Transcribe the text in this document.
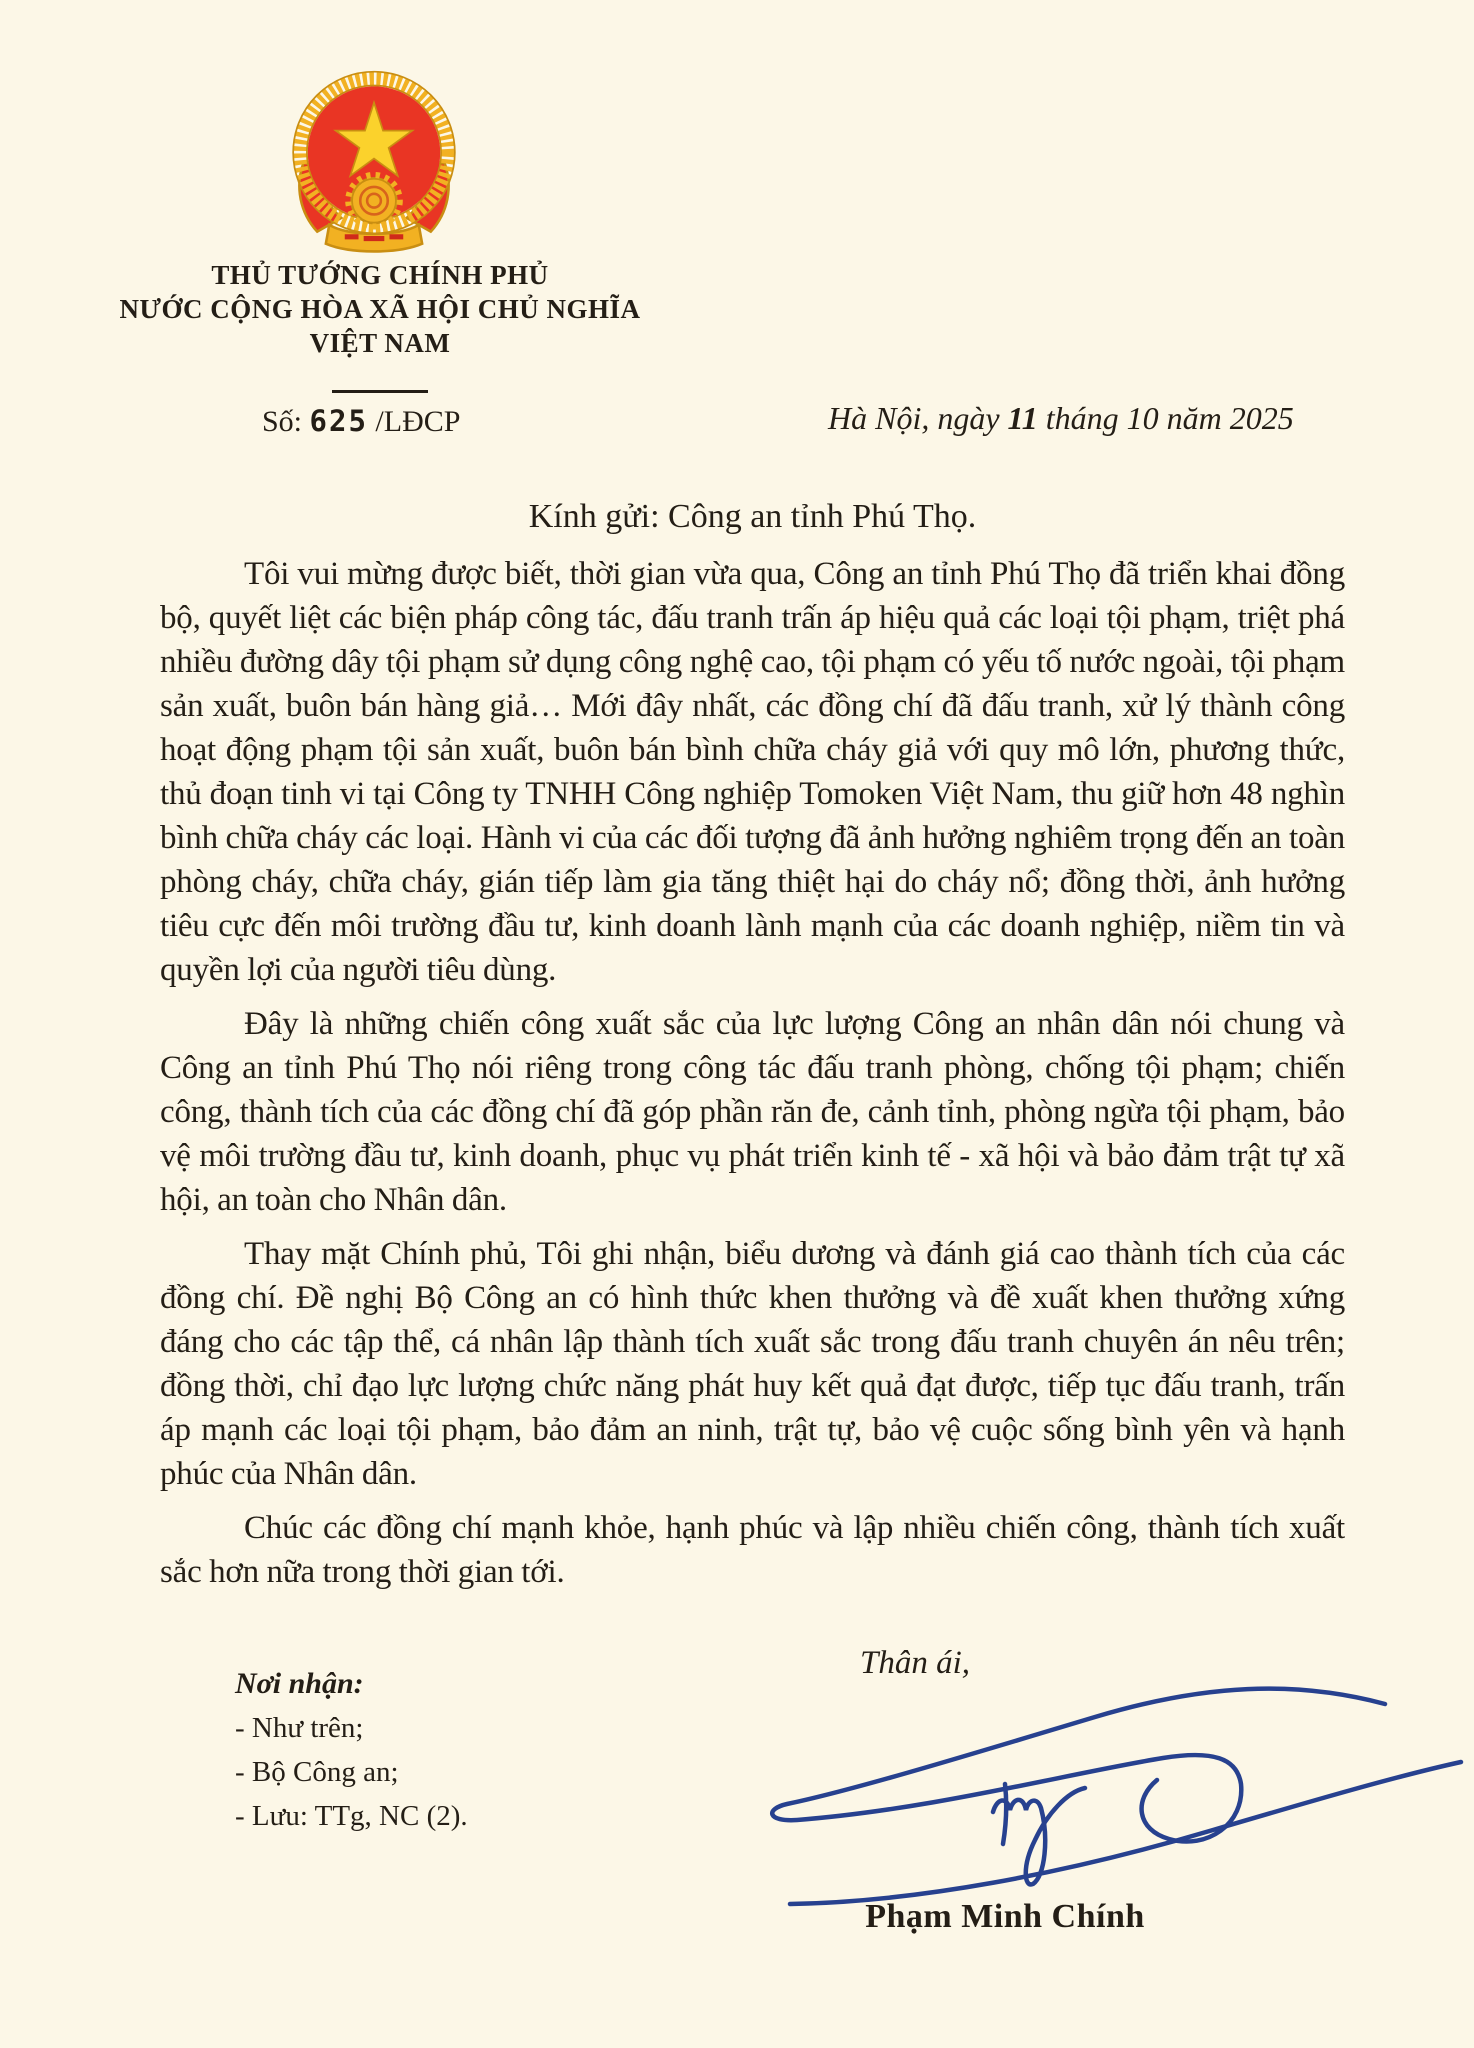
THỦ TƯỚNG CHÍNH PHỦ
NƯỚC CỘNG HÒA XÃ HỘI CHỦ NGHĨA
VIỆT NAM
Số: 625 /LĐCP	Hà Nội, ngày 11 tháng 10 năm 2025
Kính gửi: Công an tỉnh Phú Thọ.

Tôi vui mừng được biết, thời gian vừa qua, Công an tỉnh Phú Thọ đã triển khai đồng bộ, quyết liệt các biện pháp công tác, đấu tranh trấn áp hiệu quả các loại tội phạm, triệt phá nhiều đường dây tội phạm sử dụng công nghệ cao, tội phạm có yếu tố nước ngoài, tội phạm sản xuất, buôn bán hàng giả… Mới đây nhất, các đồng chí đã đấu tranh, xử lý thành công hoạt động phạm tội sản xuất, buôn bán bình chữa cháy giả với quy mô lớn, phương thức, thủ đoạn tinh vi tại Công ty TNHH Công nghiệp Tomoken Việt Nam, thu giữ hơn 48 nghìn bình chữa cháy các loại. Hành vi của các đối tượng đã ảnh hưởng nghiêm trọng đến an toàn phòng cháy, chữa cháy, gián tiếp làm gia tăng thiệt hại do cháy nổ; đồng thời, ảnh hưởng tiêu cực đến môi trường đầu tư, kinh doanh lành mạnh của các doanh nghiệp, niềm tin và quyền lợi của người tiêu dùng.

Đây là những chiến công xuất sắc của lực lượng Công an nhân dân nói chung và Công an tỉnh Phú Thọ nói riêng trong công tác đấu tranh phòng, chống tội phạm; chiến công, thành tích của các đồng chí đã góp phần răn đe, cảnh tỉnh, phòng ngừa tội phạm, bảo vệ môi trường đầu tư, kinh doanh, phục vụ phát triển kinh tế - xã hội và bảo đảm trật tự xã hội, an toàn cho Nhân dân.

Thay mặt Chính phủ, Tôi ghi nhận, biểu dương và đánh giá cao thành tích của các đồng chí. Đề nghị Bộ Công an có hình thức khen thưởng và đề xuất khen thưởng xứng đáng cho các tập thể, cá nhân lập thành tích xuất sắc trong đấu tranh chuyên án nêu trên; đồng thời, chỉ đạo lực lượng chức năng phát huy kết quả đạt được, tiếp tục đấu tranh, trấn áp mạnh các loại tội phạm, bảo đảm an ninh, trật tự, bảo vệ cuộc sống bình yên và hạnh phúc của Nhân dân.

Chúc các đồng chí mạnh khỏe, hạnh phúc và lập nhiều chiến công, thành tích xuất sắc hơn nữa trong thời gian tới.

Nơi nhận:
- Như trên;
- Bộ Công an;
- Lưu: TTg, NC (2).
Thân ái,
Phạm Minh Chính
